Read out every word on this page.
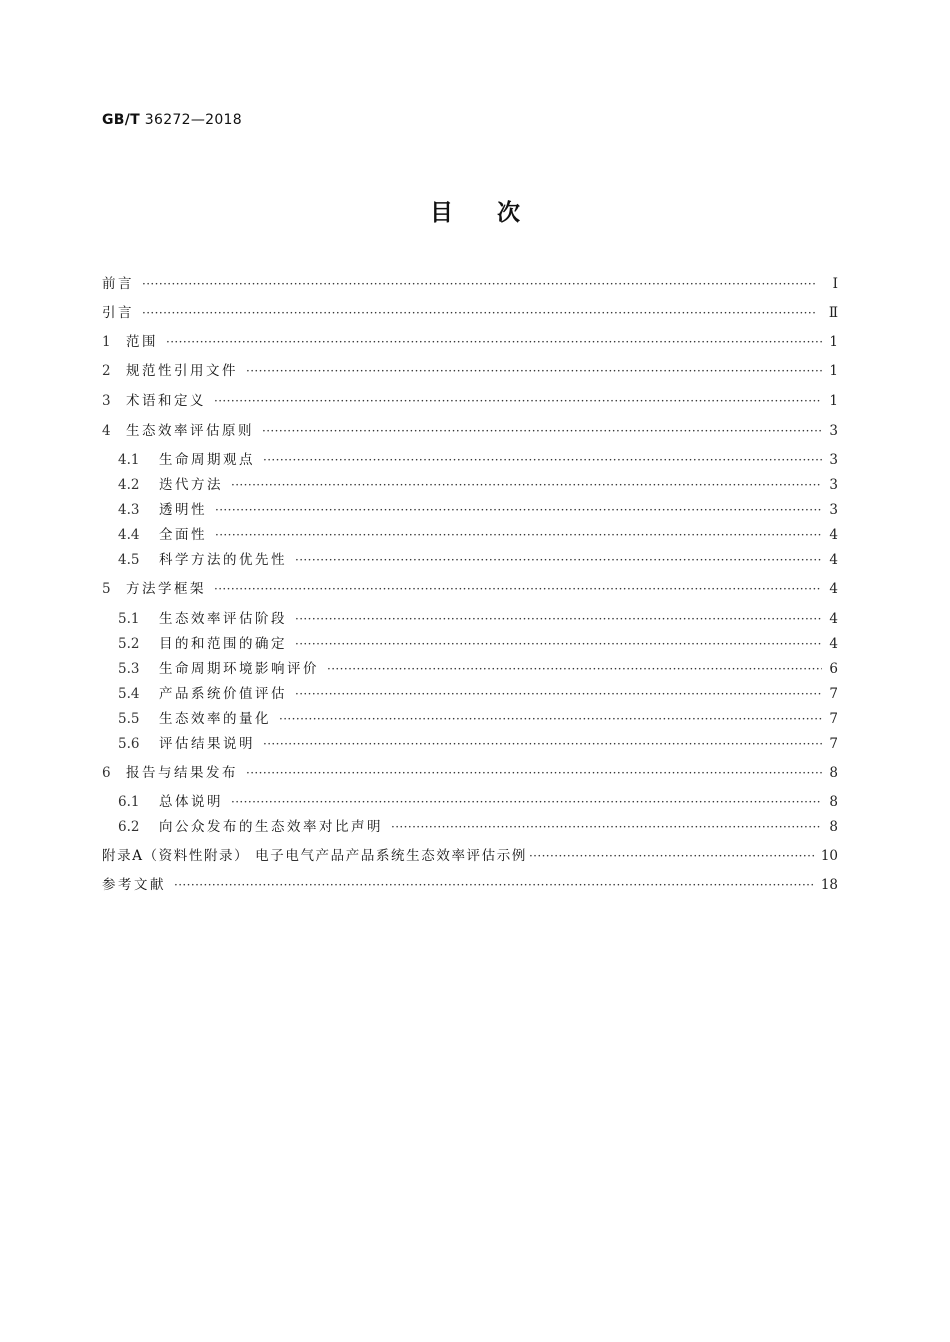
GB/T 36272—2018
目次
前言 ·····	Ⅰ
引言 ·····	Ⅱ
1	范围 ·····	1
2	规范性引用文件 ·····	1
3	术语和定义 ·····	1
4	生态效率评估原则 ·····	3
4.1	生命周期观点 ·····	3
4.2	迭代方法 ·····	3
4.3	透明性 ·····	3
4.4	全面性 ·····	4
4.5	科学方法的优先性 ·····	4
5	方法学框架 ·····	4
5.1	生态效率评估阶段 ·····	4
5.2	目的和范围的确定 ·····	4
5.3	生命周期环境影响评价 ·····	6
5.4	产品系统价值评估 ·····	7
5.5	生态效率的量化 ·····	7
5.6	评估结果说明 ·····	7
6	报告与结果发布 ·····	8
6.1	总体说明 ·····	8
6.2	向公众发布的生态效率对比声明 ·····	8
附录A（资料性附录） 电子电气产品产品系统生态效率评估示例 ·····	10
参考文献 ·····	18
